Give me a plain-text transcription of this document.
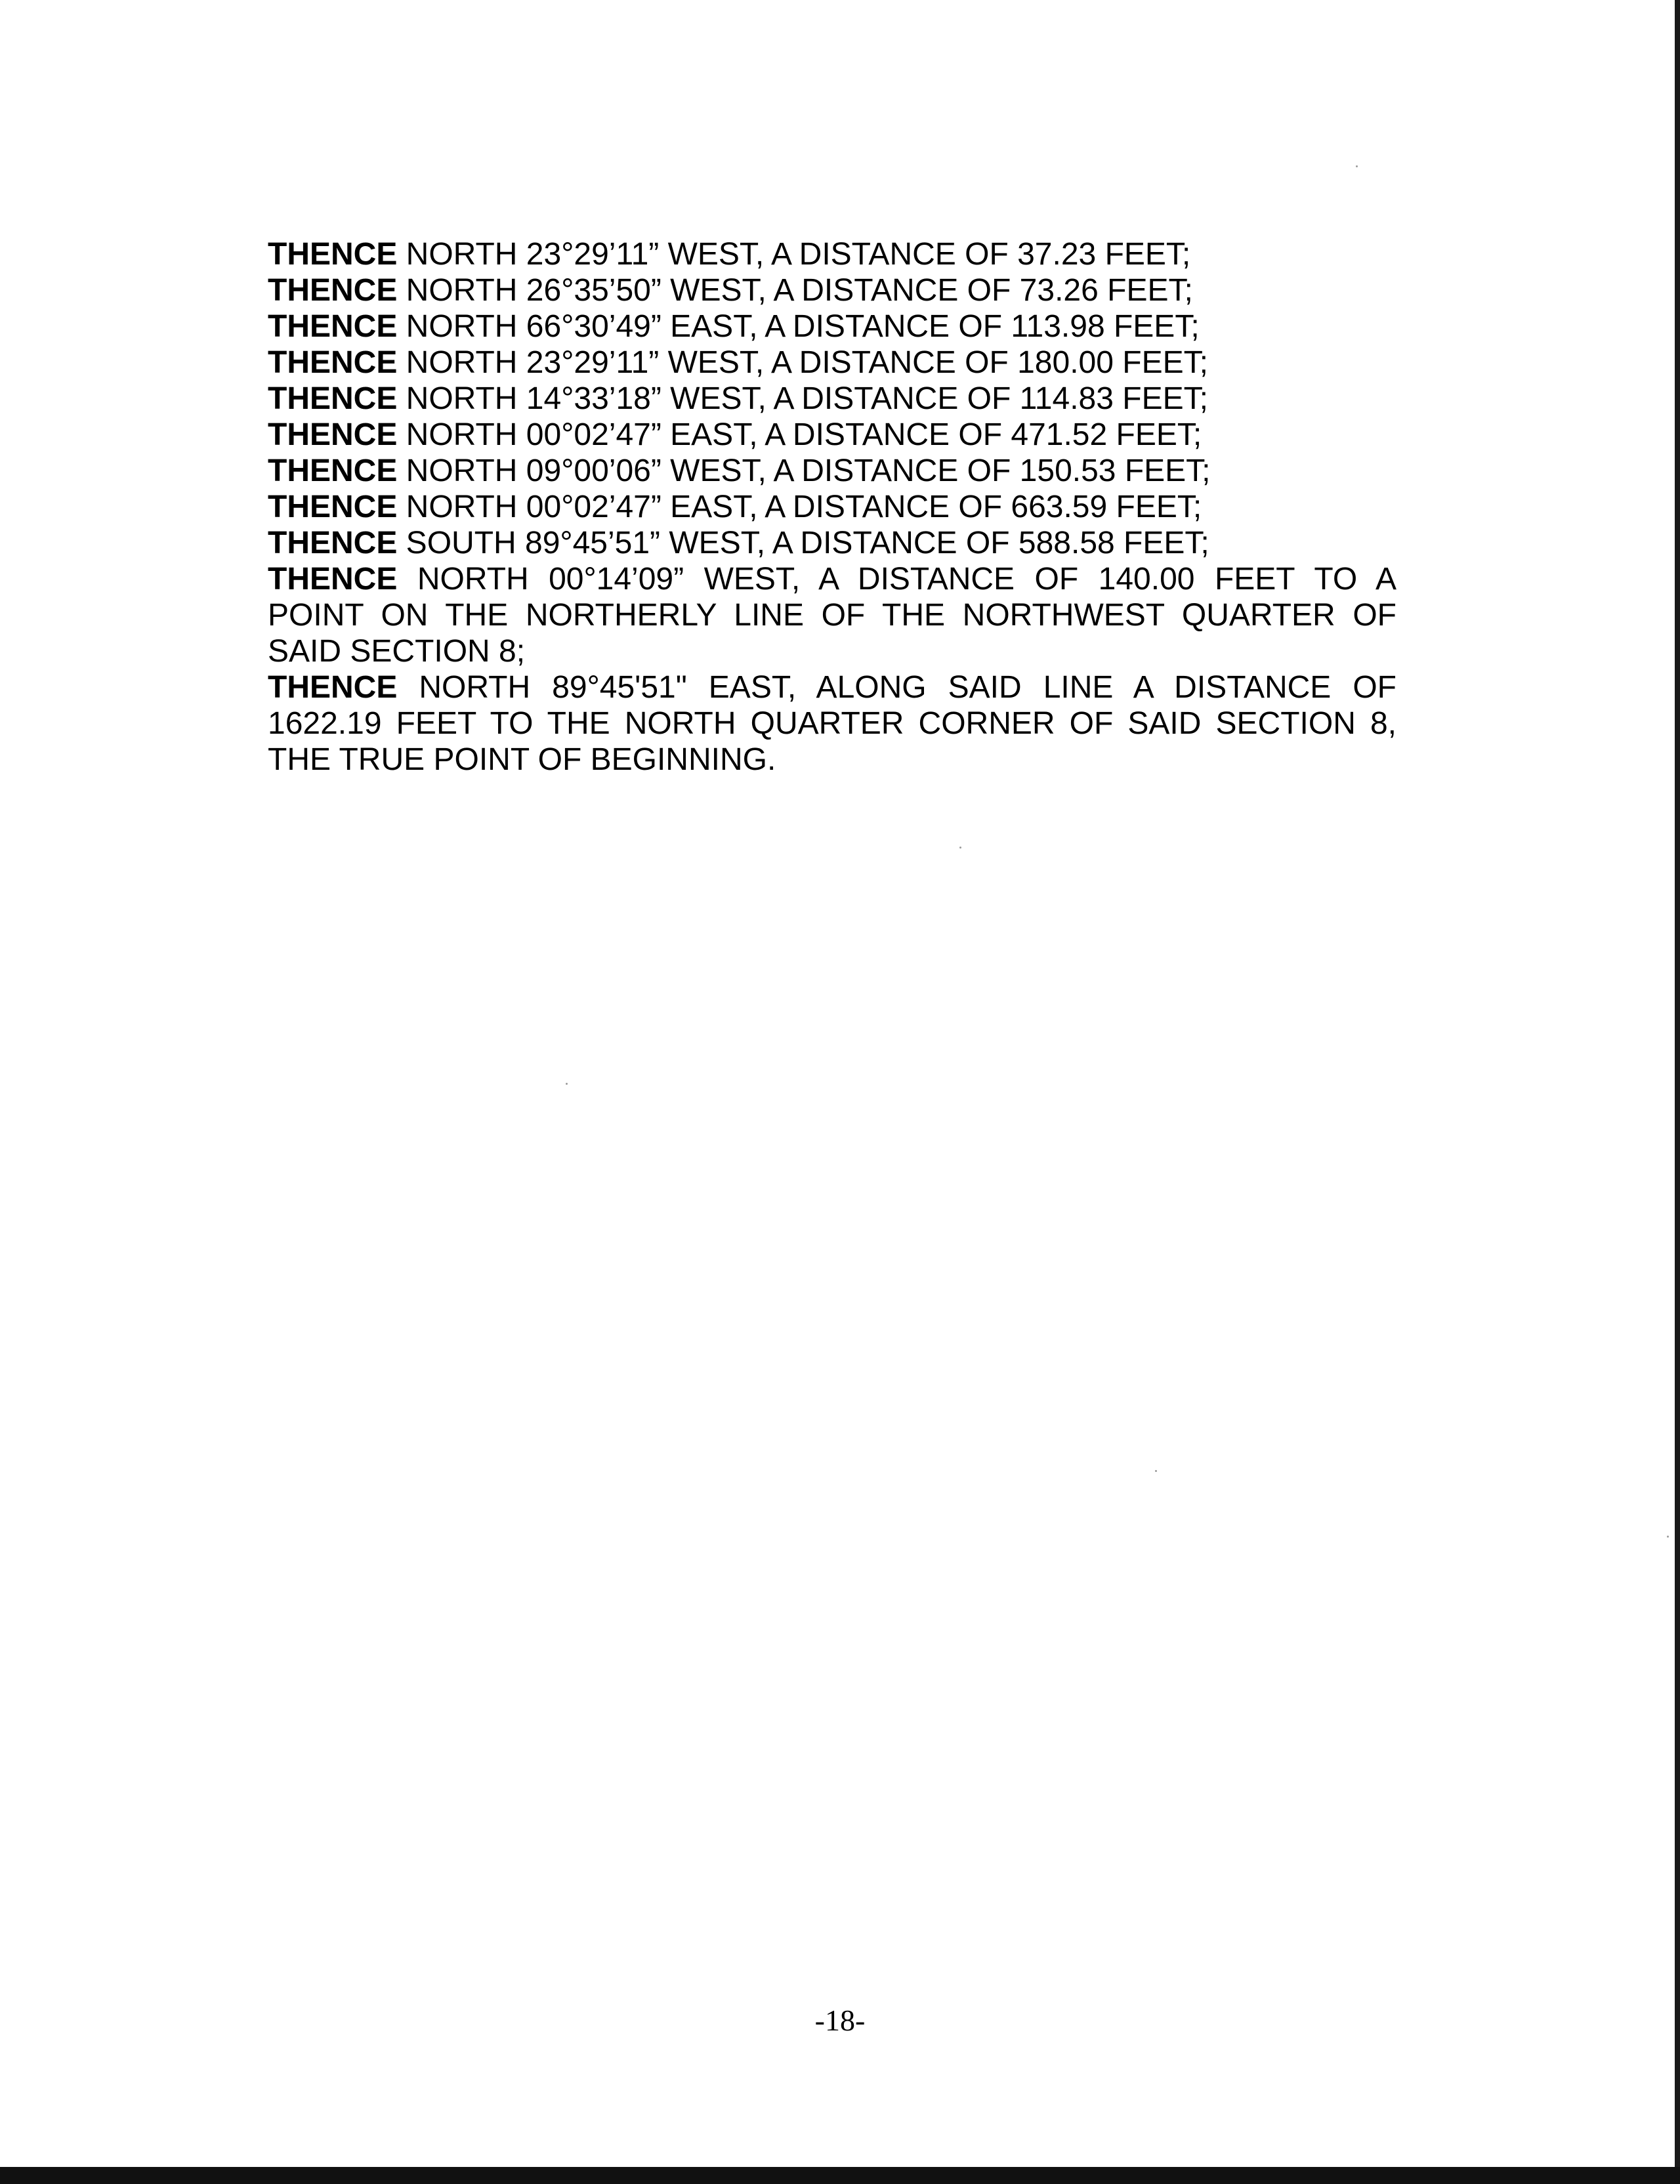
THENCE NORTH 23°29’11” WEST, A DISTANCE OF 37.23 FEET;
THENCE NORTH 26°35’50” WEST, A DISTANCE OF 73.26 FEET;
THENCE NORTH 66°30’49” EAST, A DISTANCE OF 113.98 FEET;
THENCE NORTH 23°29’11” WEST, A DISTANCE OF 180.00 FEET;
THENCE NORTH 14°33’18” WEST, A DISTANCE OF 114.83 FEET;
THENCE NORTH 00°02’47” EAST, A DISTANCE OF 471.52 FEET;
THENCE NORTH 09°00’06” WEST, A DISTANCE OF 150.53 FEET;
THENCE NORTH 00°02’47” EAST, A DISTANCE OF 663.59 FEET;
THENCE SOUTH 89°45’51” WEST, A DISTANCE OF 588.58 FEET;
THENCE NORTH 00°14’09” WEST, A DISTANCE OF 140.00 FEET TO A
POINT ON THE NORTHERLY LINE OF THE NORTHWEST QUARTER OF
SAID SECTION 8;
THENCE NORTH 89°45'51" EAST, ALONG SAID LINE A DISTANCE OF
1622.19 FEET TO THE NORTH QUARTER CORNER OF SAID SECTION 8,
THE TRUE POINT OF BEGINNING.
-18-
